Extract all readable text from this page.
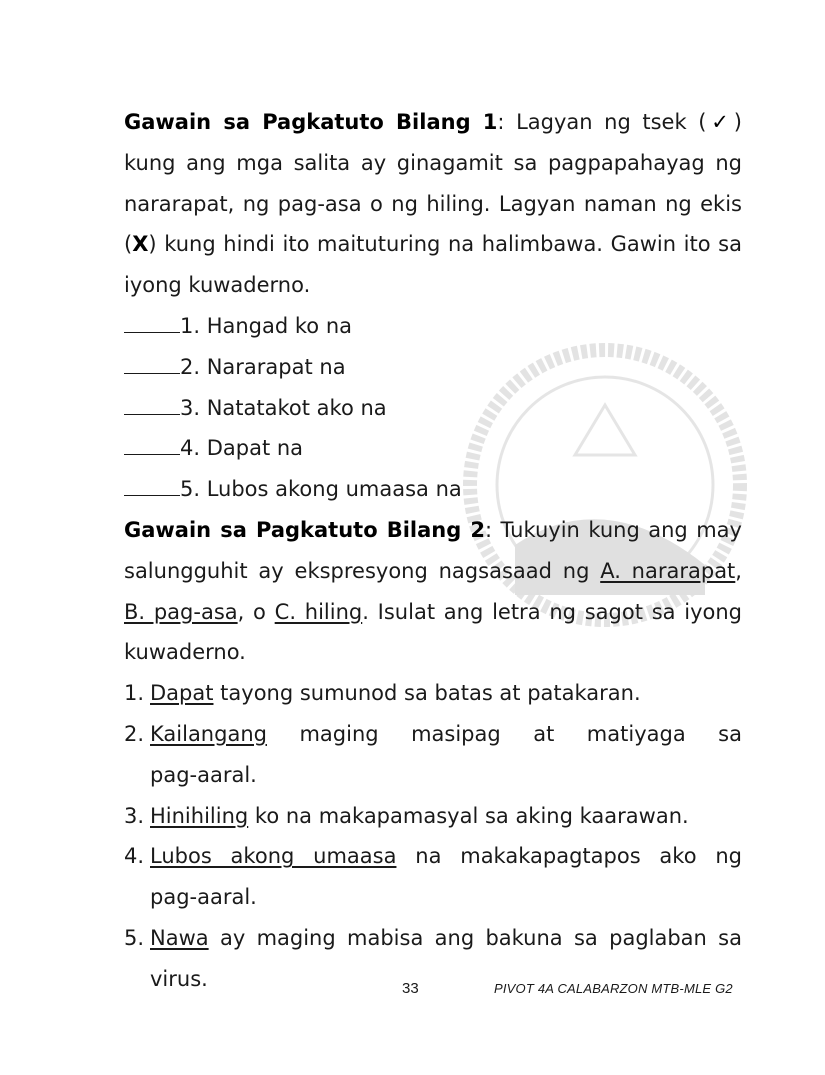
Gawain sa Pagkatuto Bilang 1: Lagyan ng tsek (✓) kung ang mga salita ay ginagamit sa pagpapahayag ng nararapat, ng pag-asa o ng hiling. Lagyan naman ng ekis (X) kung hindi ito maituturing na halimbawa. Gawin ito sa iyong kuwaderno.

1. Hangad ko na
2. Nararapat na
3. Natatakot ako na
4. Dapat na
5. Lubos akong umaasa na

Gawain sa Pagkatuto Bilang 2: Tukuyin kung ang may salungguhit ay ekspresyong nagsasaad ng A. nararapat, B. pag-asa, o C. hiling. Isulat ang letra ng sagot sa iyong kuwaderno.

1. Dapat tayong sumunod sa batas at patakaran.
2. Kailangang maging masipag at matiyaga sa
pag-aaral.
3. Hinihiling ko na makapamasyal sa aking kaarawan.
4. Lubos akong umaasa na makakapagtapos ako ng
pag-aaral.
5. Nawa ay maging mabisa ang bakuna sa paglaban sa
virus.	33	PIVOT 4A CALABARZON MTB-MLE G2
